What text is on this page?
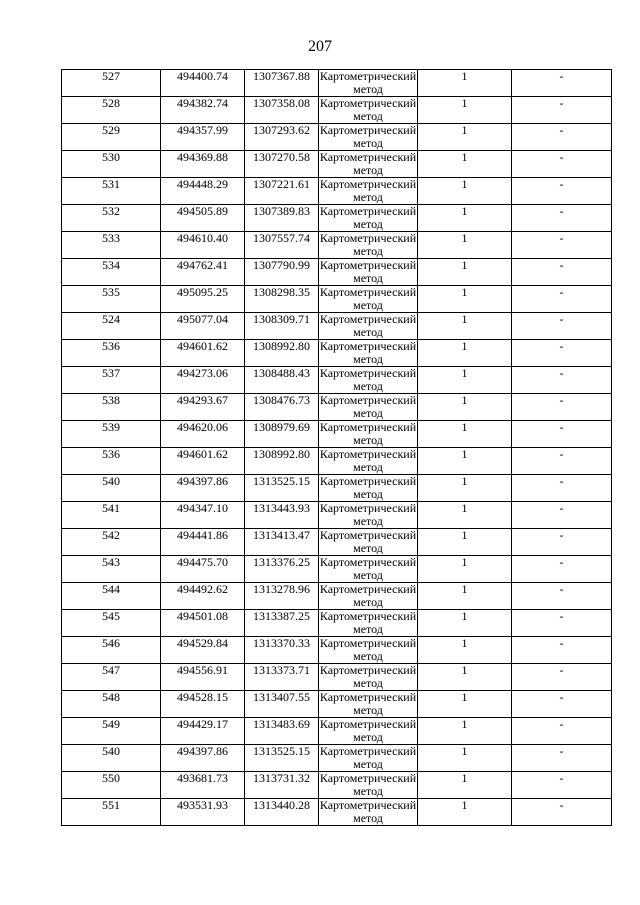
207
527	494400.74	1307367.88	Картометрический метод	1	-
528	494382.74	1307358.08	Картометрический метод	1	-
529	494357.99	1307293.62	Картометрический метод	1	-
530	494369.88	1307270.58	Картометрический метод	1	-
531	494448.29	1307221.61	Картометрический метод	1	-
532	494505.89	1307389.83	Картометрический метод	1	-
533	494610.40	1307557.74	Картометрический метод	1	-
534	494762.41	1307790.99	Картометрический метод	1	-
535	495095.25	1308298.35	Картометрический метод	1	-
524	495077.04	1308309.71	Картометрический метод	1	-
536	494601.62	1308992.80	Картометрический метод	1	-
537	494273.06	1308488.43	Картометрический метод	1	-
538	494293.67	1308476.73	Картометрический метод	1	-
539	494620.06	1308979.69	Картометрический метод	1	-
536	494601.62	1308992.80	Картометрический метод	1	-
540	494397.86	1313525.15	Картометрический метод	1	-
541	494347.10	1313443.93	Картометрический метод	1	-
542	494441.86	1313413.47	Картометрический метод	1	-
543	494475.70	1313376.25	Картометрический метод	1	-
544	494492.62	1313278.96	Картометрический метод	1	-
545	494501.08	1313387.25	Картометрический метод	1	-
546	494529.84	1313370.33	Картометрический метод	1	-
547	494556.91	1313373.71	Картометрический метод	1	-
548	494528.15	1313407.55	Картометрический метод	1	-
549	494429.17	1313483.69	Картометрический метод	1	-
540	494397.86	1313525.15	Картометрический метод	1	-
550	493681.73	1313731.32	Картометрический метод	1	-
551	493531.93	1313440.28	Картометрический метод	1	-
